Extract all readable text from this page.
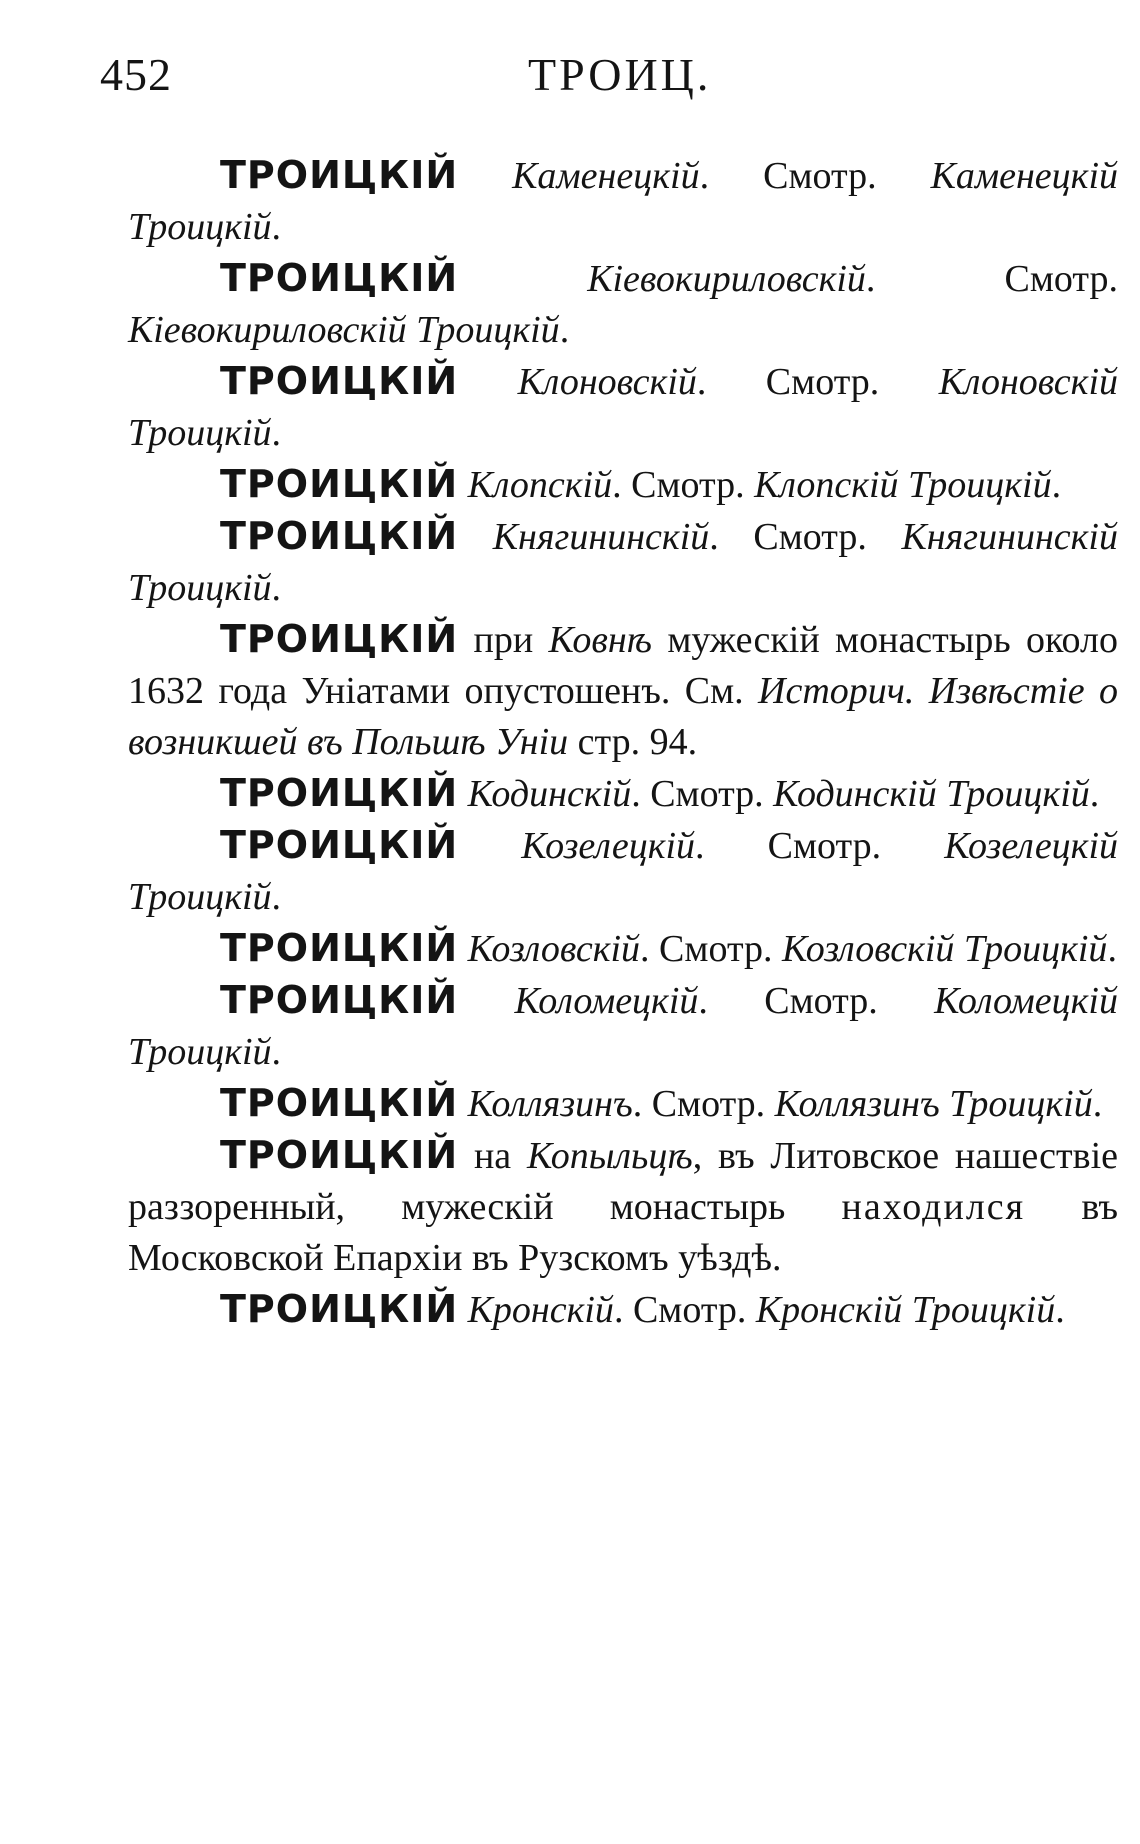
452	ТРОИЦ.

ТРОИЦКІЙ Каменецкій. Смотр. Каменецкій Троицкій.

ТРОИЦКІЙ	Кіевокириловскій. Смотр. Кіевокириловскій Троицкій.

ТРОИЦКІЙ Клоновскій. Смотр. Клоновскій Троицкій.

ТРОИЦКІЙ Клопскій. Смотр. Клопскій Троицкій.

ТРОИЦКІЙ Княгининскій. Смотр. Княгининскій Троицкій.

ТРОИЦКІЙ при Ковнѣ мужескій монастырь около 1632 года Уніатами опустошенъ. См. Историч. Извѣстіе о возникшей въ Польшѣ Уніи стр. 94.

ТРОИЦКІЙ Кодинскій. Смотр. Кодинскій Троицкій.

ТРОИЦКІЙ Козелецкій. Смотр. Козелецкій Троицкій.

ТРОИЦКІЙ Козловскій. Смотр. Козловскій Троицкій.

ТРОИЦКІЙ Коломецкій. Смотр. Коломецкій Троицкій.

ТРОИЦКІЙ Коллязинъ. Смотр. Коллязинъ Троицкій.

ТРОИЦКІЙ на Копыльцѣ, въ Литовское нашествіе раззоренный, мужескій монастырь находился въ Московской Епархіи въ Рузскомъ уѣздѣ.

ТРОИЦКІЙ Кронскій. Смотр. Кронскій Троицкій.
